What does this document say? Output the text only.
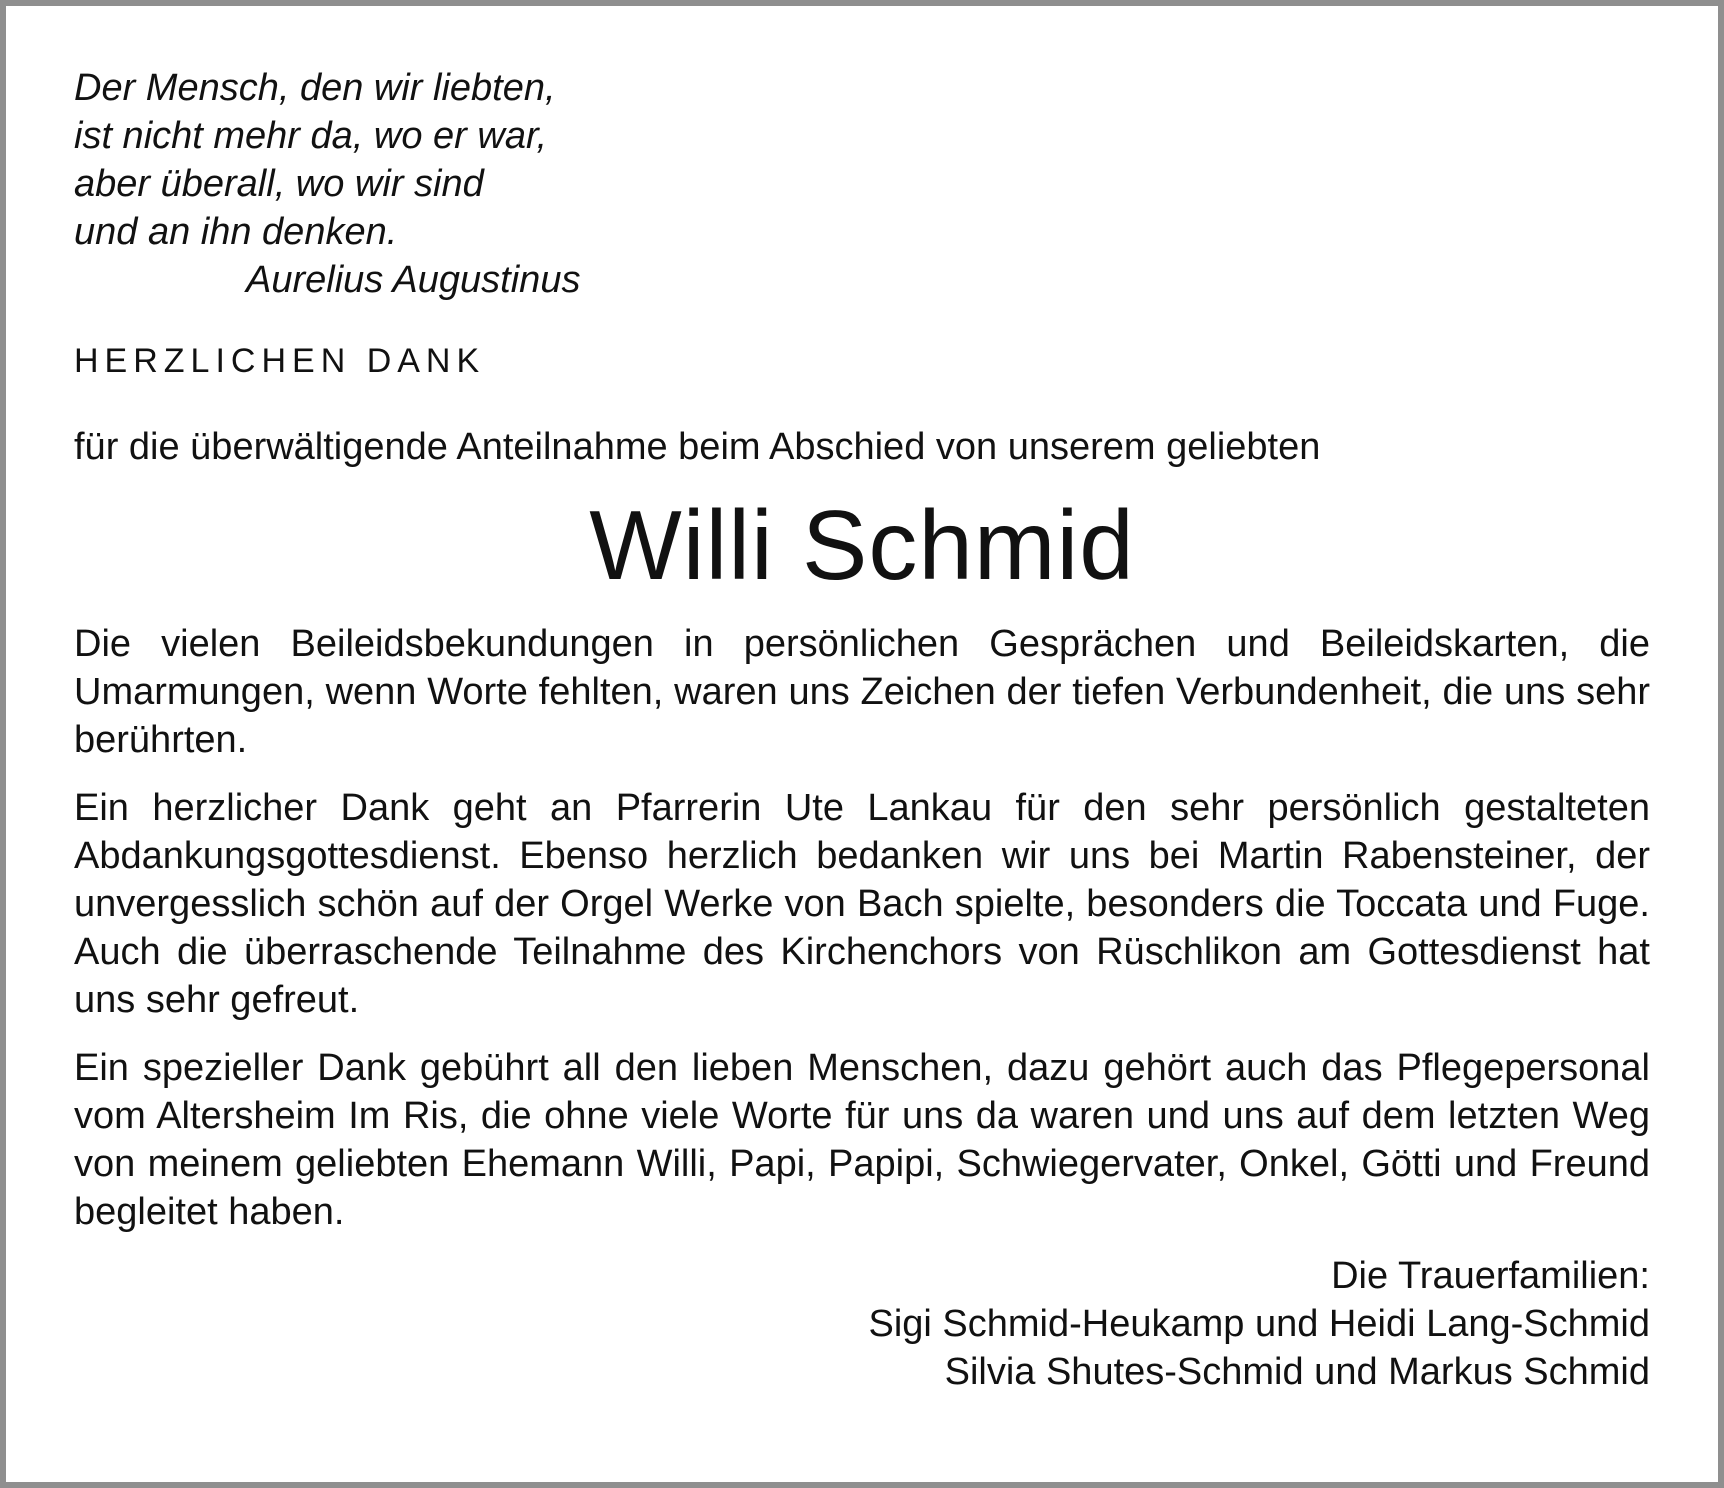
Der Mensch, den wir liebten,
ist nicht mehr da, wo er war,
aber überall, wo wir sind
und an ihn denken.
Aurelius Augustinus
HERZLICHEN DANK
für die überwältigende Anteilnahme beim Abschied von unserem geliebten
Willi Schmid

Die vielen Beileidsbekundungen in persönlichen Gesprächen und Beileidskarten, die Umarmungen, wenn Worte fehlten, waren uns Zeichen der tiefen Verbundenheit, die uns sehr berührten.

Ein herzlicher Dank geht an Pfarrerin Ute Lankau für den sehr persönlich gestalteten Abdankungsgottesdienst. Ebenso herzlich bedanken wir uns bei Martin Rabensteiner, der unvergesslich schön auf der Orgel Werke von Bach spielte, besonders die Toccata und Fuge. Auch die überraschende Teilnahme des Kirchenchors von Rüschlikon am Gottesdienst hat uns sehr gefreut.

Ein spezieller Dank gebührt all den lieben Menschen, dazu gehört auch das Pflegepersonal vom Altersheim Im Ris, die ohne viele Worte für uns da waren und uns auf dem letzten Weg von meinem geliebten Ehemann Willi, Papi, Papipi, Schwiegervater, Onkel, Götti und Freund begleitet haben.

Die Trauerfamilien:
Sigi Schmid-Heukamp und Heidi Lang-Schmid
Silvia Shutes-Schmid und Markus Schmid
